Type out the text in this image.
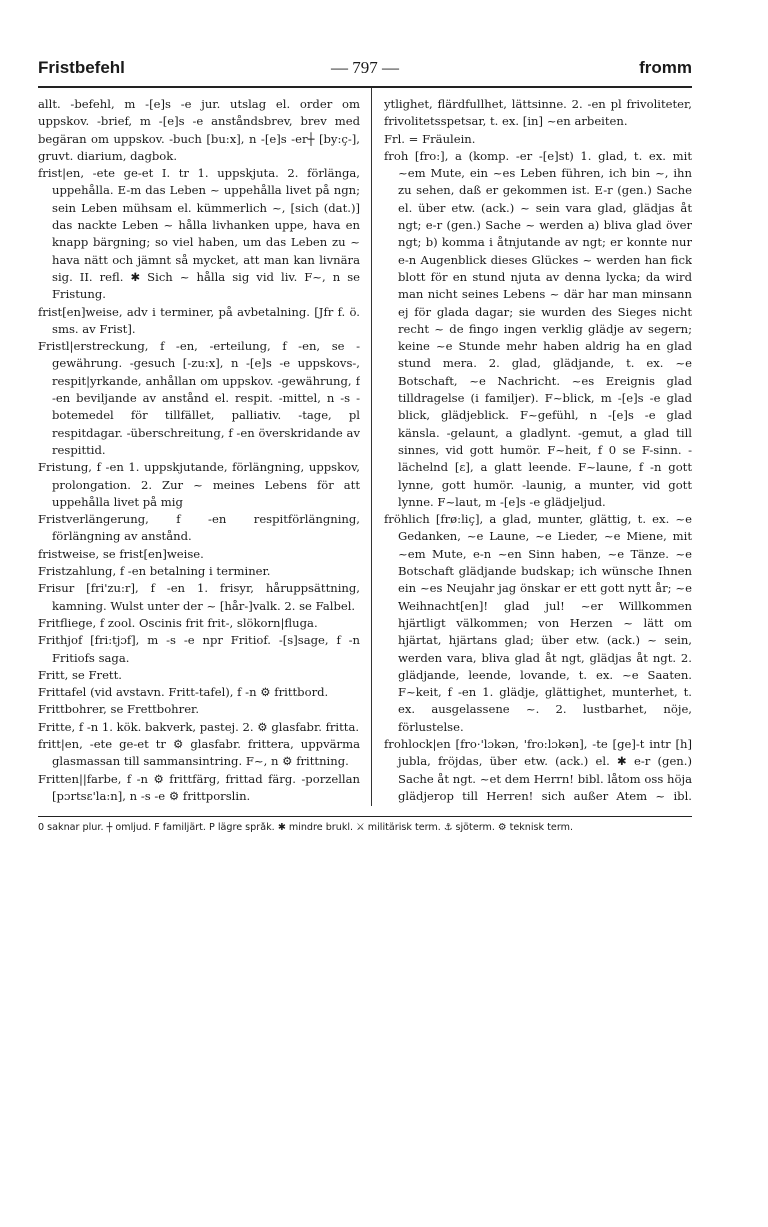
Fristbefehl	— 797 —	fromm

allt. -befehl, m -[e]s -e jur. utslag el. order om uppskov. -brief, m -[e]s -e anståndsbrev, brev med begäran om uppskov. -buch [bu:x], n -[e]s -er┼ [by:ç-], gruvt. diarium, dagbok.

frist|en, -ete ge-et I. tr 1. uppskjuta. 2. förlänga, uppehålla. E-m das Leben ~ uppehålla livet på ngn; sein Leben mühsam el. kümmerlich ~, [sich (dat.)] das nackte Leben ~ hålla livhanken uppe, hava en knapp bärgning; so viel haben, um das Leben zu ~ hava nätt och jämnt så mycket, att man kan livnära sig. II. refl. ✱ Sich ~ hålla sig vid liv. F~, n se Fristung.

frist[en]weise, adv i terminer, på avbetalning. [Jfr f. ö. sms. av Frist].

Fristl|erstreckung, f -en, -erteilung, f -en, se -gewährung. -gesuch [-zu:x], n -[e]s -e uppskovs-, respit|yrkande, anhållan om uppskov. -gewährung, f -en beviljande av anstånd el. respit. -mittel, n -s - botemedel för tillfället, palliativ. -tage, pl respitdagar. -überschreitung, f -en överskridande av respittid.

Fristung, f -en 1. uppskjutande, förlängning, uppskov, prolongation. 2. Zur ~ meines Lebens för att uppehålla livet på mig

Fristverlängerung, f -en respitförlängning, förlängning av anstånd.

fristweise, se frist[en]weise.

Fristzahlung, f -en betalning i terminer.

Frisur [fri'zu:r], f -en 1. frisyr, håruppsättning, kamning. Wulst unter der ~ [hår-]valk. 2. se Falbel.

Fritfliege, f zool. Oscinis frit frit-, slökorn|fluga.

Frithjof [fri:tjɔf], m -s -e npr Fritiof. -[s]sage, f -n Fritiofs saga.

Fritt, se Frett.

Frittafel (vid avstavn. Fritt-tafel), f -n ⚙ frittbord.

Frittbohrer, se Frettbohrer.

Fritte, f -n 1. kök. bakverk, pastej. 2. ⚙ glasfabr. fritta.

fritt|en, -ete ge-et tr ⚙ glasfabr. frittera, uppvärma glasmassan till sammansintring. F~, n ⚙ frittning.

Fritten||farbe, f -n ⚙ frittfärg, frittad färg. -porzellan [pɔrtsɛ'la:n], n -s -e ⚙ frittporslin.

ytlighet, flärdfullhet, lättsinne. 2. -en pl frivoliteter, frivolitetsspetsar, t. ex. [in] ~en arbeiten.

Frl. = Fräulein.

froh [fro:], a (komp. -er -[e]st) 1. glad, t. ex. mit ~em Mute, ein ~es Leben führen, ich bin ~, ihn zu sehen, daß er gekommen ist. E-r (gen.) Sache el. über etw. (ack.) ~ sein vara glad, glädjas åt ngt; e-r (gen.) Sache ~ werden a) bliva glad över ngt; b) komma i åtnjutande av ngt; er konnte nur e-n Augenblick dieses Glückes ~ werden han fick blott för en stund njuta av denna lycka; da wird man nicht seines Lebens ~ där har man minsann ej för glada dagar; sie wurden des Sieges nicht recht ~ de fingo ingen verklig glädje av segern; keine ~e Stunde mehr haben aldrig ha en glad stund mera. 2. glad, glädjande, t. ex. ~e Botschaft, ~e Nachricht. ~es Ereignis glad tilldragelse (i familjer). F~blick, m -[e]s -e glad blick, glädjeblick. F~gefühl, n -[e]s -e glad känsla. -gelaunt, a gladlynt. -gemut, a glad till sinnes, vid gott humör. F~heit, f 0 se F-sinn. -lächelnd [ɛ], a glatt leende. F~laune, f -n gott lynne, gott humör. -launig, a munter, vid gott lynne. F~laut, m -[e]s -e glädjeljud.

fröhlich [frø:liç], a glad, munter, glättig, t. ex. ~e Gedanken, ~e Laune, ~e Lieder, ~e Miene, mit ~em Mute, e-n ~en Sinn haben, ~e Tänze. ~e Botschaft glädjande budskap; ich wünsche Ihnen ein ~es Neujahr jag önskar er ett gott nytt år; ~e Weihnacht[en]! glad jul! ~er Willkommen hjärtligt välkommen; von Herzen ~ lätt om hjärtat, hjärtans glad; über etw. (ack.) ~ sein, werden vara, bliva glad åt ngt, glädjas åt ngt. 2. glädjande, leende, lovande, t. ex. ~e Saaten. F~keit, f -en 1. glädje, glättighet, munterhet, t. ex. ausgelassene ~. 2. lustbarhet, nöje, förlustelse.

frohlock|en [fro·'lɔkən, 'fro:lɔkən], -te [ge]-t intr [h] jubla, fröjdas, über etw. (ack.) el. ✱ e-r (gen.) Sache åt ngt. ~et dem Herrn! bibl. låtom oss höja glädjerop till Herren! sich außer Atem ~ ibl.

0 saknar plur. ┼ omljud. F familjärt. P lägre språk. ✱ mindre brukl. ⚔ militärisk term. ⚓ sjöterm. ⚙ teknisk term.
